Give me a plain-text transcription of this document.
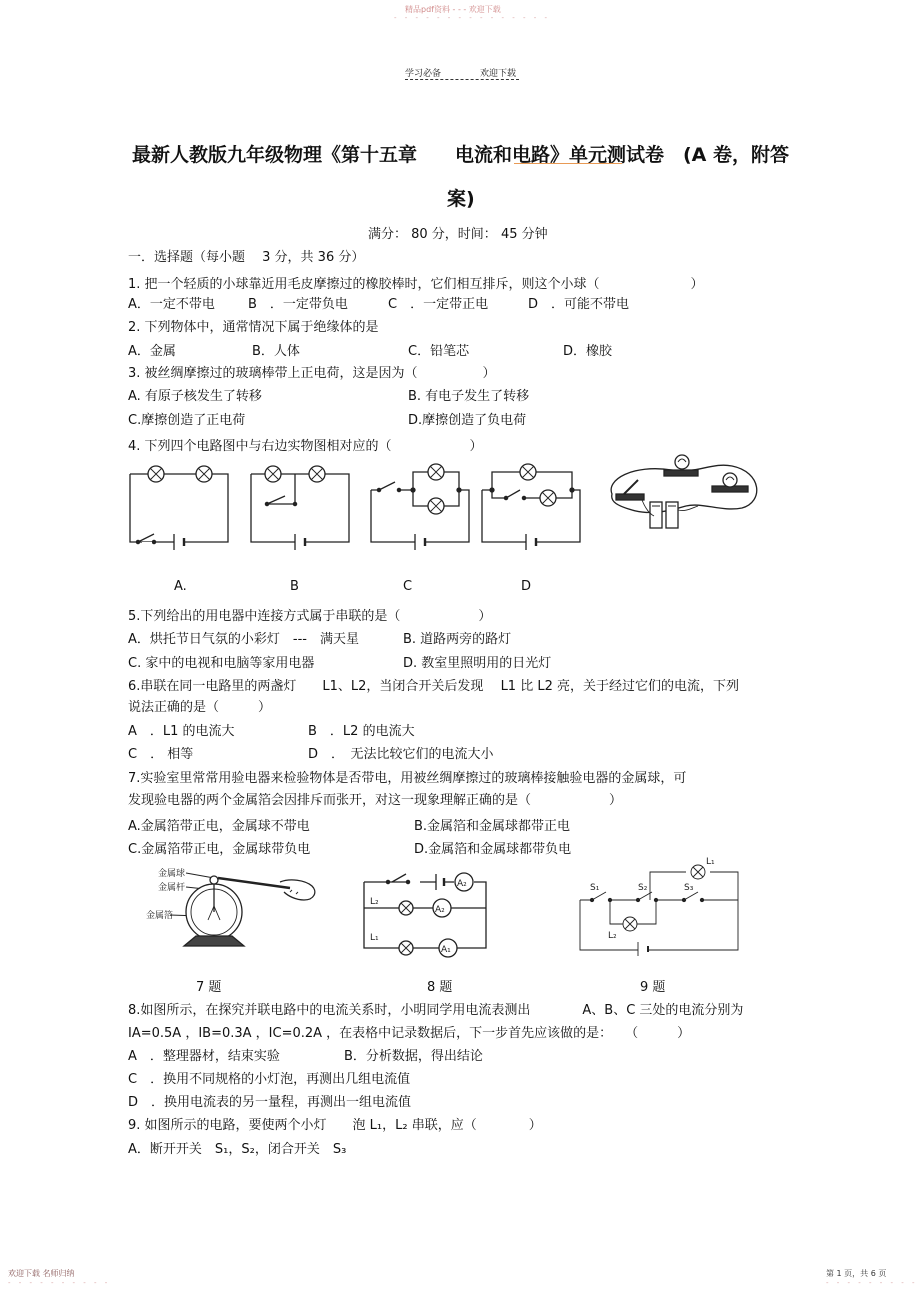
精品pdf资料 - - - 欢迎下载
- - - - - - - - - - - - - - -
学习必备	欢迎下载
最新人教版九年级物理《第十五章　　电流和电路》单元测试卷　(A 卷，附答
案)
满分： 80 分，时间： 45 分钟
一．选择题（每小题　 3 分，共 36 分）
1. 把一个轻质的小球靠近用毛皮摩擦过的橡胶棒时，它们相互排斥，则这个小球（　　　　　　　）
A．一定不带电	B　．一定带负电	C　．一定带正电	D　．可能不带电
2. 下列物体中，通常情况下属于绝缘体的是
A．金属	B．人体	C．铅笔芯	D．橡胶
3. 被丝绸摩擦过的玻璃棒带上正电荷，这是因为（　　　　　）
A. 有原子核发生了转移	B. 有电子发生了转移
C.摩擦创造了正电荷	D.摩擦创造了负电荷
4. 下列四个电路图中与右边实物图相对应的（　　　　　　）
A.	B	C	D
5.下列给出的用电器中连接方式属于串联的是（　　　　　　）
A．烘托节日气氛的小彩灯　---　满天星	B. 道路两旁的路灯
C. 家中的电视和电脑等家用电器	D. 教室里照明用的日光灯
6.串联在同一电路里的两盏灯　　L1、L2，当闭合开关后发现　 L1 比 L2 亮，关于经过它们的电流，下列
说法正确的是（　　　）
A　．L1 的电流大	B　．L2 的电流大
C　． 相等	D　．　无法比较它们的电流大小
7.实验室里常常用验电器来检验物体是否带电，用被丝绸摩擦过的玻璃棒接触验电器的金属球，可
发现验电器的两个金属箔会因排斥而张开，对这一现象理解正确的是（　　　　　　）
A.金属箔带正电，金属球不带电	B.金属箔和金属球都带正电
C.金属箔带正电，金属球带负电	D.金属箔和金属球都带负电
金属球
金属杆
金属箔
A₂
L₂
A₂
L₁
A₁
L₁
S₁	S₂	S₃
L₂
7 题	8 题	9 题
8.如图所示，在探究并联电路中的电流关系时，小明同学用电流表测出　　　　A、B、C 三处的电流分别为
IA=0.5A ，IB=0.3A ，IC=0.2A ，在表格中记录数据后，下一步首先应该做的是：　　（　　　）
A　．整理器材，结束实验	B．分析数据，得出结论
C　．换用不同规格的小灯泡，再测出几组电流值
D　．换用电流表的另一量程，再测出一组电流值
9. 如图所示的电路，要使两个小灯　　泡 L₁，L₂ 串联，应（　　　　）
A．断开开关　S₁，S₂，闭合开关　S₃
欢迎下载 名师归纳
- - - - - - - - - -
第 1 页，共 6 页
- - - - - - - - -
